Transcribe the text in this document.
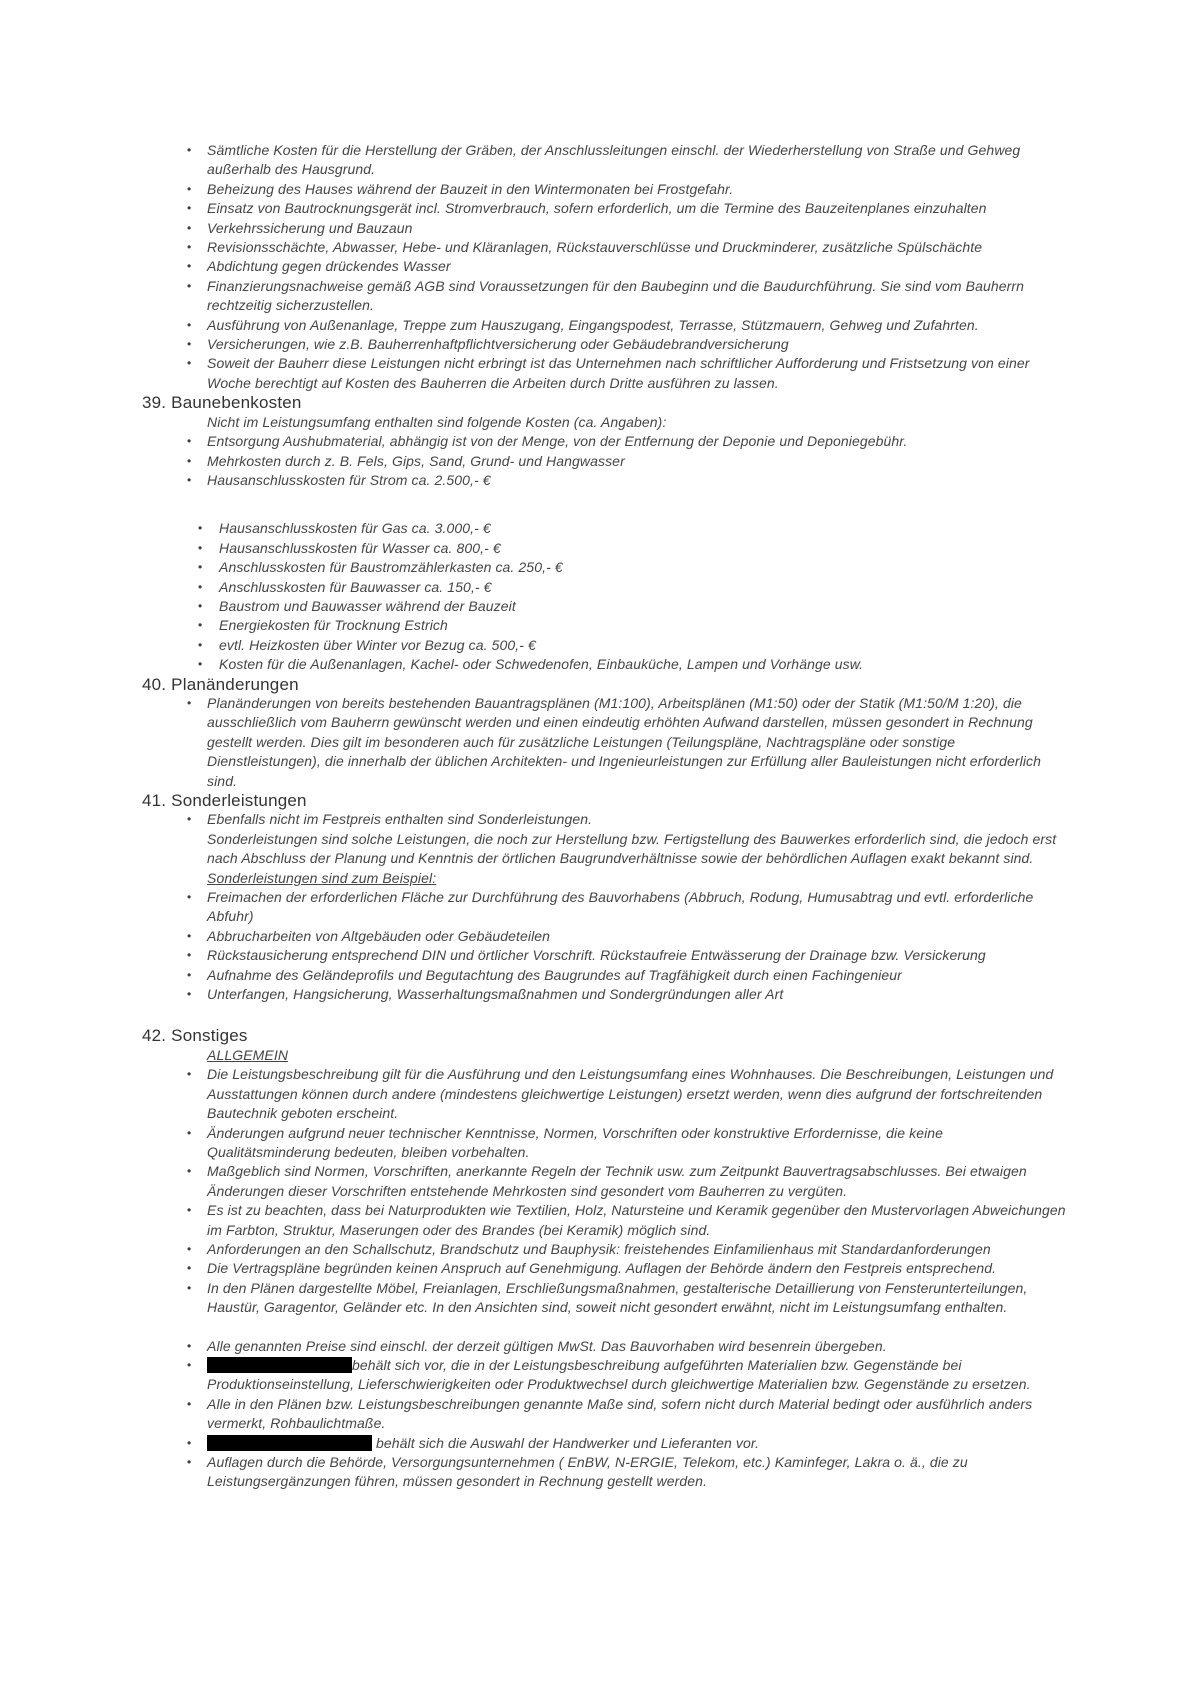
• Sämtliche Kosten für die Herstellung der Gräben, der Anschlussleitungen einschl. der Wiederherstellung von Straße und Gehweg außerhalb des Hausgrund.
• Beheizung des Hauses während der Bauzeit in den Wintermonaten bei Frostgefahr.
• Einsatz von Bautrocknungsgerät incl. Stromverbrauch, sofern erforderlich, um die Termine des Bauzeitenplanes einzuhalten
• Verkehrssicherung und Bauzaun
• Revisionsschächte, Abwasser, Hebe- und Kläranlagen, Rückstauverschlüsse und Druckminderer, zusätzliche Spülschächte
• Abdichtung gegen drückendes Wasser
• Finanzierungsnachweise gemäß AGB sind Voraussetzungen für den Baubeginn und die Baudurchführung. Sie sind vom Bauherrn rechtzeitig sicherzustellen.
• Ausführung von Außenanlage, Treppe zum Hauszugang, Eingangspodest, Terrasse, Stützmauern, Gehweg und Zufahrten.
• Versicherungen, wie z.B. Bauherrenhaftpflichtversicherung oder Gebäudebrandversicherung
• Soweit der Bauherr diese Leistungen nicht erbringt ist das Unternehmen nach schriftlicher Aufforderung und Fristsetzung von einer Woche berechtigt auf Kosten des Bauherren die Arbeiten durch Dritte ausführen zu lassen.
39. Baunebenkosten
Nicht im Leistungsumfang enthalten sind folgende Kosten (ca. Angaben):
• Entsorgung Aushubmaterial, abhängig ist von der Menge, von der Entfernung der Deponie und Deponiegebühr.
• Mehrkosten durch z. B. Fels, Gips, Sand, Grund- und Hangwasser
• Hausanschlusskosten für Strom ca. 2.500,- €
• Hausanschlusskosten für Gas ca. 3.000,- €
• Hausanschlusskosten für Wasser ca. 800,- €
• Anschlusskosten für Baustromzählerkasten ca. 250,- €
• Anschlusskosten für Bauwasser ca. 150,- €
• Baustrom und Bauwasser während der Bauzeit
• Energiekosten für Trocknung Estrich
• evtl. Heizkosten über Winter vor Bezug ca. 500,- €
• Kosten für die Außenanlagen, Kachel- oder Schwedenofen, Einbauküche, Lampen und Vorhänge usw.
40. Planänderungen
• Planänderungen von bereits bestehenden Bauantragsplänen (M1:100), Arbeitsplänen (M1:50) oder der Statik (M1:50/M 1:20), die ausschließlich vom Bauherrn gewünscht werden und einen eindeutig erhöhten Aufwand darstellen, müssen gesondert in Rechnung gestellt werden. Dies gilt im besonderen auch für zusätzliche Leistungen (Teilungspläne, Nachtragspläne oder sonstige Dienstleistungen), die innerhalb der üblichen Architekten- und Ingenieurleistungen zur Erfüllung aller Bauleistungen nicht erforderlich sind.
41. Sonderleistungen
• Ebenfalls nicht im Festpreis enthalten sind Sonderleistungen.
Sonderleistungen sind solche Leistungen, die noch zur Herstellung bzw. Fertigstellung des Bauwerkes erforderlich sind, die jedoch erst nach Abschluss der Planung und Kenntnis der örtlichen Baugrundverhältnisse sowie der behördlichen Auflagen exakt bekannt sind.
Sonderleistungen sind zum Beispiel:
• Freimachen der erforderlichen Fläche zur Durchführung des Bauvorhabens (Abbruch, Rodung, Humusabtrag und evtl. erforderliche Abfuhr)
• Abbrucharbeiten von Altgebäuden oder Gebäudeteilen
• Rückstausicherung entsprechend DIN und örtlicher Vorschrift. Rückstaufreie Entwässerung der Drainage bzw. Versickerung
• Aufnahme des Geländeprofils und Begutachtung des Baugrundes auf Tragfähigkeit durch einen Fachingenieur
• Unterfangen, Hangsicherung, Wasserhaltungsmaßnahmen und Sondergründungen aller Art
42. Sonstiges
ALLGEMEIN
• Die Leistungsbeschreibung gilt für die Ausführung und den Leistungsumfang eines Wohnhauses. Die Beschreibungen, Leistungen und Ausstattungen können durch andere (mindestens gleichwertige Leistungen) ersetzt werden, wenn dies aufgrund der fortschreitenden Bautechnik geboten erscheint.
• Änderungen aufgrund neuer technischer Kenntnisse, Normen, Vorschriften oder konstruktive Erfordernisse, die keine Qualitätsminderung bedeuten, bleiben vorbehalten.
• Maßgeblich sind Normen, Vorschriften, anerkannte Regeln der Technik usw. zum Zeitpunkt Bauvertragsabschlusses. Bei etwaigen Änderungen dieser Vorschriften entstehende Mehrkosten sind gesondert vom Bauherren zu vergüten.
• Es ist zu beachten, dass bei Naturprodukten wie Textilien, Holz, Natursteine und Keramik gegenüber den Mustervorlagen Abweichungen im Farbton, Struktur, Maserungen oder des Brandes (bei Keramik) möglich sind.
• Anforderungen an den Schallschutz, Brandschutz und Bauphysik: freistehendes Einfamilienhaus mit Standardanforderungen
• Die Vertragspläne begründen keinen Anspruch auf Genehmigung. Auflagen der Behörde ändern den Festpreis entsprechend.
• In den Plänen dargestellte Möbel, Freianlagen, Erschließungsmaßnahmen, gestalterische Detaillierung von Fensterunterteilungen, Haustür, Garagentor, Geländer etc. In den Ansichten sind, soweit nicht gesondert erwähnt, nicht im Leistungsumfang enthalten.
• Alle genannten Preise sind einschl. der derzeit gültigen MwSt. Das Bauvorhaben wird besenrein übergeben.
•	behält sich vor, die in der Leistungsbeschreibung aufgeführten Materialien bzw. Gegenstände bei Produktionseinstellung, Lieferschwierigkeiten oder Produktwechsel durch gleichwertige Materialien bzw. Gegenstände zu ersetzen.
• Alle in den Plänen bzw. Leistungsbeschreibungen genannte Maße sind, sofern nicht durch Material bedingt oder ausführlich anders vermerkt, Rohbaulichtmaße.
•	behält sich die Auswahl der Handwerker und Lieferanten vor.
• Auflagen durch die Behörde, Versorgungsunternehmen ( EnBW, N-ERGIE, Telekom, etc.) Kaminfeger, Lakra o. ä., die zu Leistungsergänzungen führen, müssen gesondert in Rechnung gestellt werden.
